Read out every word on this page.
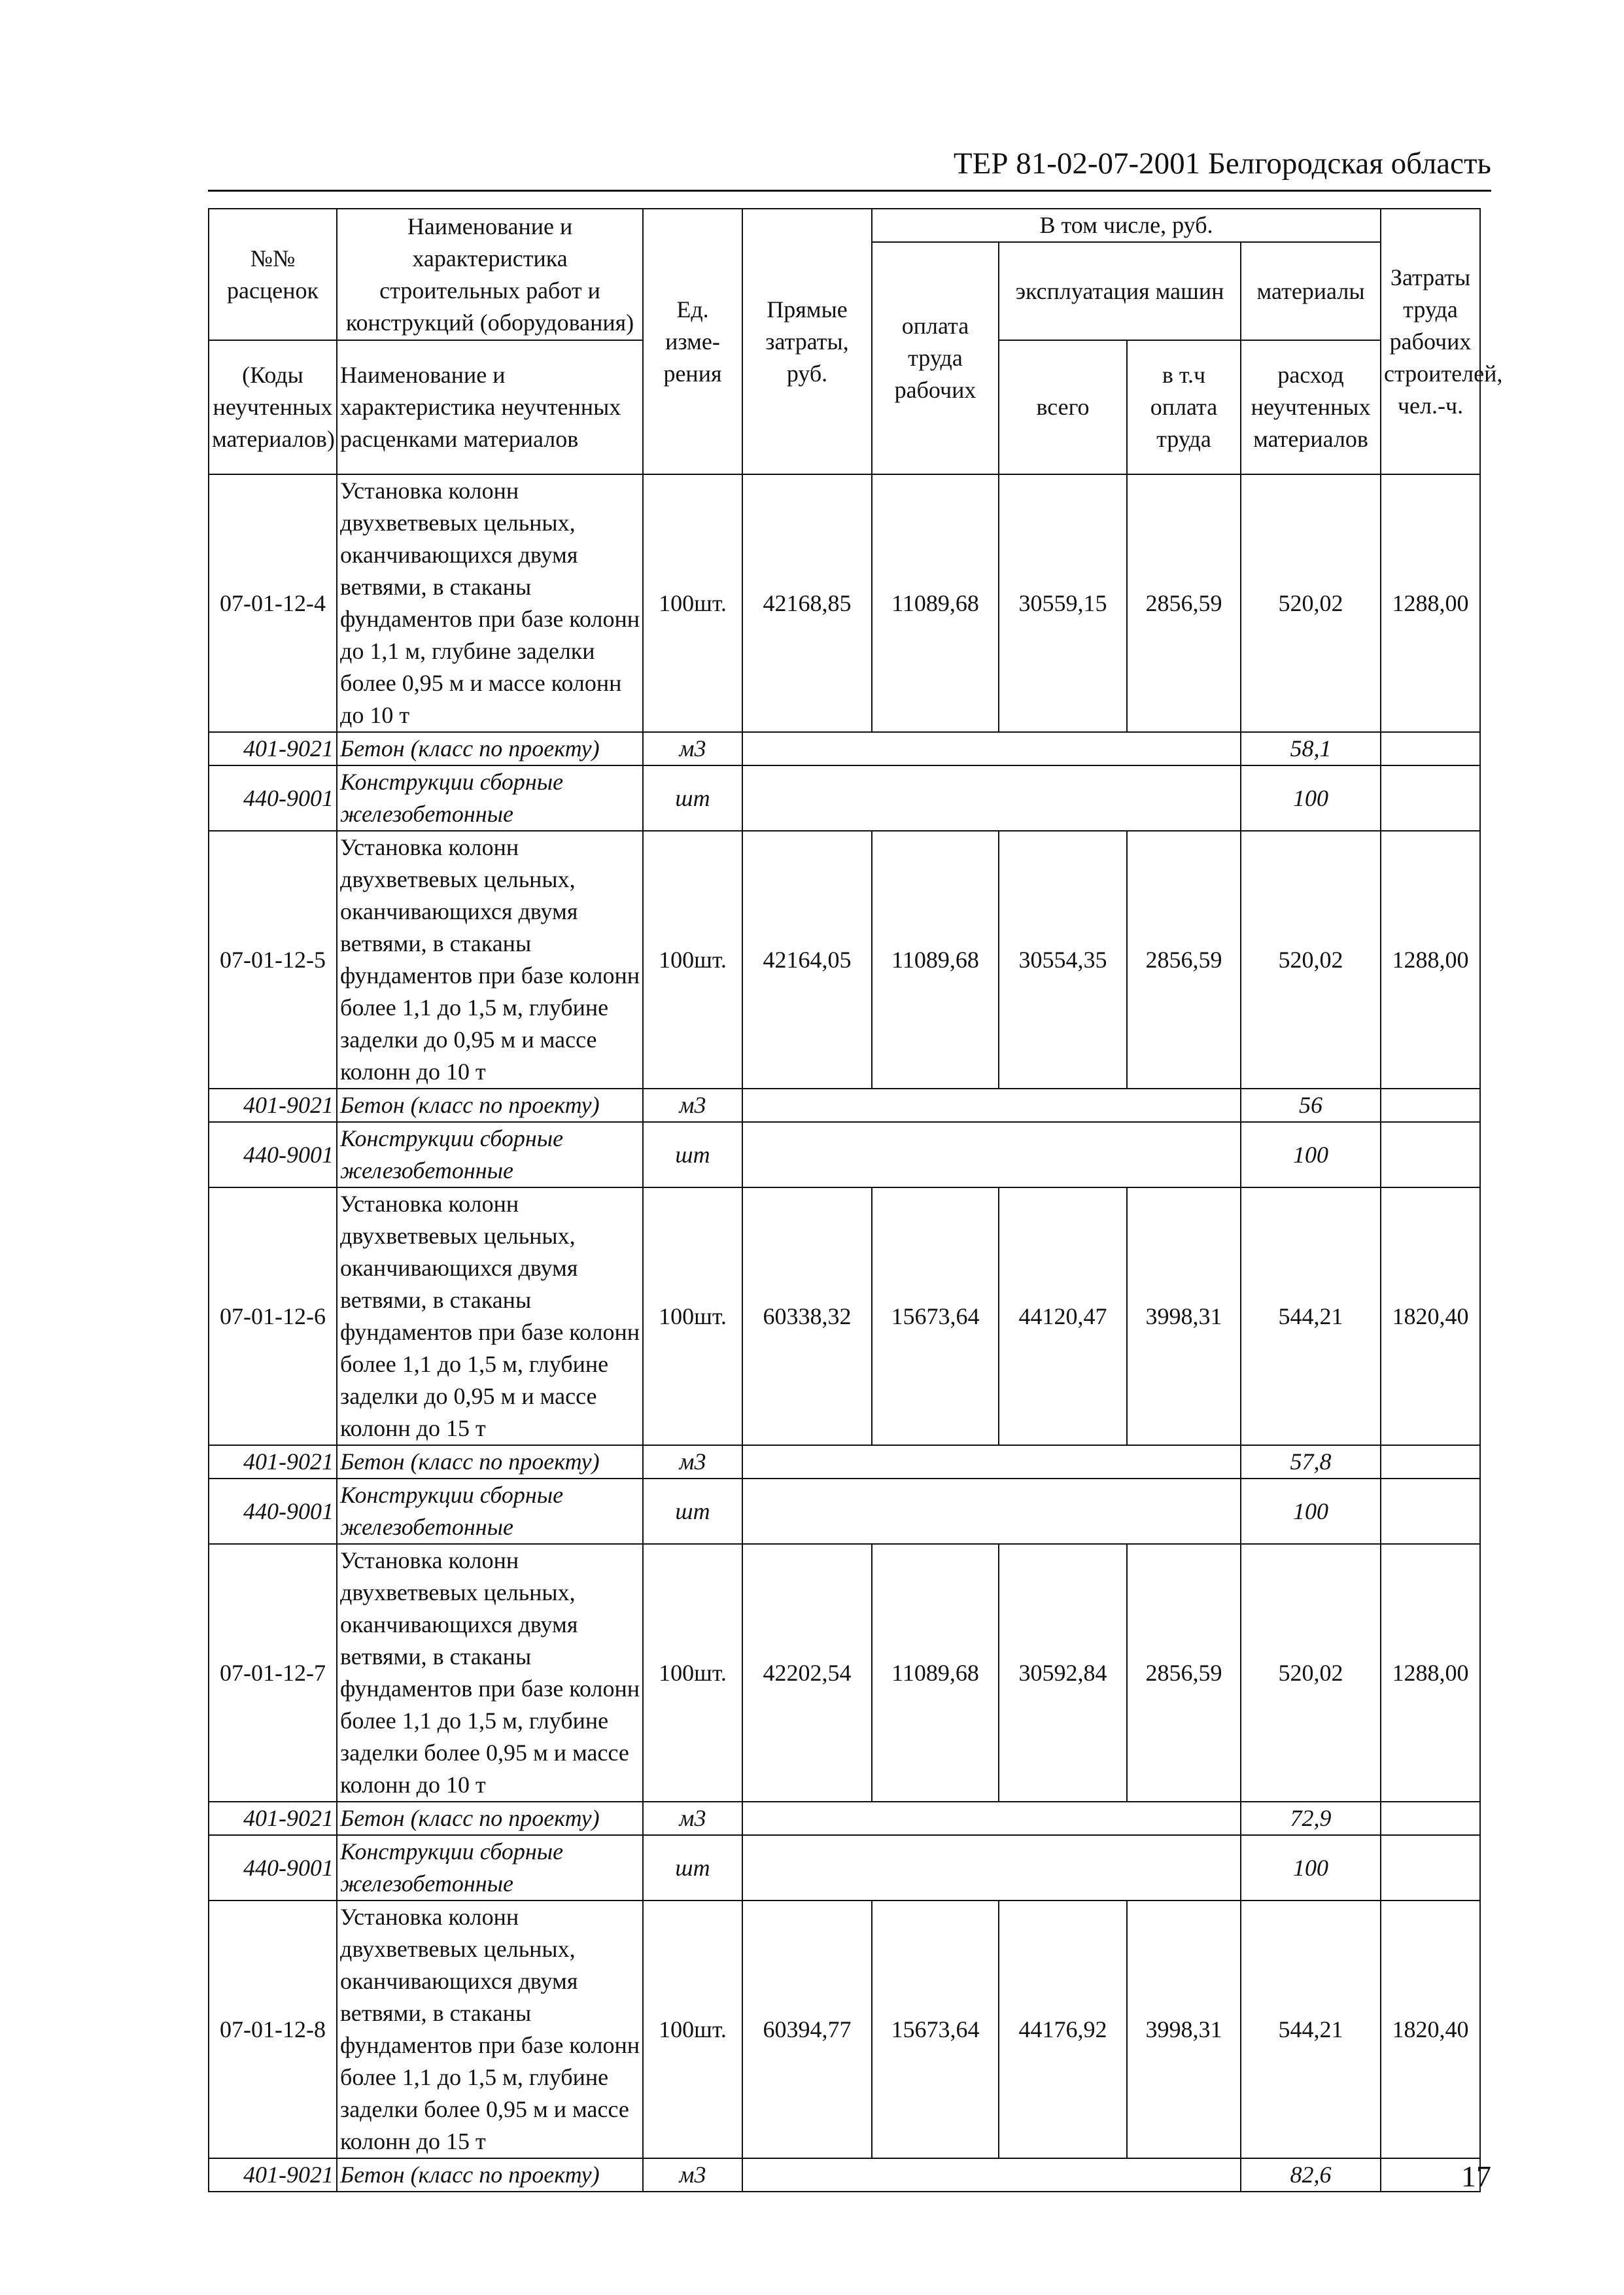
ТЕР 81-02-07-2001 Белгородская область
№№ расценок	Наименование и характеристика строительных работ и конструкций (оборудования)	Ед. изме-рения	Прямые затраты, руб.	В том числе, руб.				Затраты труда рабочих строителей, чел.-ч.
				оплата труда рабочих	эксплуатация машин		материалы	
(Коды неучтенных материалов)	Наименование и характеристика неучтенных расценками материалов				всего	в т.ч оплата труда	расход неучтенных материалов	

07-01-12-4	Установка колонн двухветвевых цельных, оканчивающихся двумя ветвями, в стаканы фундаментов при базе колонн до 1,1 м, глубине заделки более 0,95 м и массе колонн до 10 т	100шт.	42168,85	11089,68	30559,15	2856,59	520,02	1288,00
401-9021	Бетон (класс по проекту)	м3					58,1	
440-9001	Конструкции сборные железобетонные	шт					100	
07-01-12-5	Установка колонн двухветвевых цельных, оканчивающихся двумя ветвями, в стаканы фундаментов при базе колонн более 1,1 до 1,5 м, глубине заделки до 0,95 м и массе колонн до 10 т	100шт.	42164,05	11089,68	30554,35	2856,59	520,02	1288,00
401-9021	Бетон (класс по проекту)	м3					56	
440-9001	Конструкции сборные железобетонные	шт					100	
07-01-12-6	Установка колонн двухветвевых цельных, оканчивающихся двумя ветвями, в стаканы фундаментов при базе колонн более 1,1 до 1,5 м, глубине заделки до 0,95 м и массе колонн до 15 т	100шт.	60338,32	15673,64	44120,47	3998,31	544,21	1820,40
401-9021	Бетон (класс по проекту)	м3					57,8	
440-9001	Конструкции сборные железобетонные	шт					100	
07-01-12-7	Установка колонн двухветвевых цельных, оканчивающихся двумя ветвями, в стаканы фундаментов при базе колонн более 1,1 до 1,5 м, глубине заделки более 0,95 м и массе колонн до 10 т	100шт.	42202,54	11089,68	30592,84	2856,59	520,02	1288,00
401-9021	Бетон (класс по проекту)	м3					72,9	
440-9001	Конструкции сборные железобетонные	шт					100	
07-01-12-8	Установка колонн двухветвевых цельных, оканчивающихся двумя ветвями, в стаканы фундаментов при базе колонн более 1,1 до 1,5 м, глубине заделки более 0,95 м и массе колонн до 15 т	100шт.	60394,77	15673,64	44176,92	3998,31	544,21	1820,40
401-9021	Бетон (класс по проекту)	м3					82,6		17
